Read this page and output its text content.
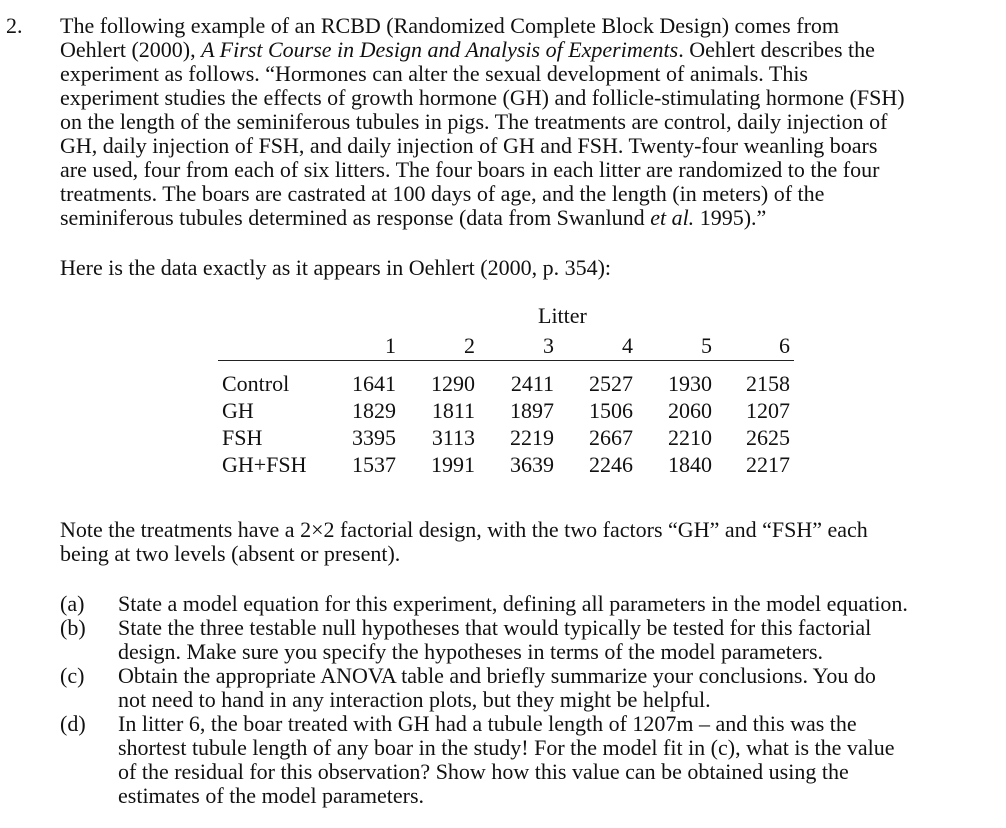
2. The following example of an RCBD (Randomized Complete Block Design) comes from
Oehlert (2000), A First Course in Design and Analysis of Experiments. Oehlert describes the
experiment as follows. “Hormones can alter the sexual development of animals. This
experiment studies the effects of growth hormone (GH) and follicle-stimulating hormone (FSH)
on the length of the seminiferous tubules in pigs. The treatments are control, daily injection of
GH, daily injection of FSH, and daily injection of GH and FSH. Twenty-four weanling boars
are used, four from each of six litters. The four boars in each litter are randomized to the four
treatments. The boars are castrated at 100 days of age, and the length (in meters) of the
seminiferous tubules determined as response (data from Swanlund et al. 1995).”
Here is the data exactly as it appears in Oehlert (2000, p. 354):
Litter
1	2	3	4	5	6
Control	1641	1290	2411	2527	1930	2158
GH	1829	1811	1897	1506	2060	1207
FSH	3395	3113	2219	2667	2210	2625
GH+FSH	1537	1991	3639	2246	1840	2217
Note the treatments have a 2×2 factorial design, with the two factors “GH” and “FSH” each
being at two levels (absent or present).
(a) State a model equation for this experiment, defining all parameters in the model equation.
(b) State the three testable null hypotheses that would typically be tested for this factorial
design. Make sure you specify the hypotheses in terms of the model parameters.
(c) Obtain the appropriate ANOVA table and briefly summarize your conclusions. You do
not need to hand in any interaction plots, but they might be helpful.
(d) In litter 6, the boar treated with GH had a tubule length of 1207m – and this was the
shortest tubule length of any boar in the study! For the model fit in (c), what is the value
of the residual for this observation? Show how this value can be obtained using the
estimates of the model parameters.
